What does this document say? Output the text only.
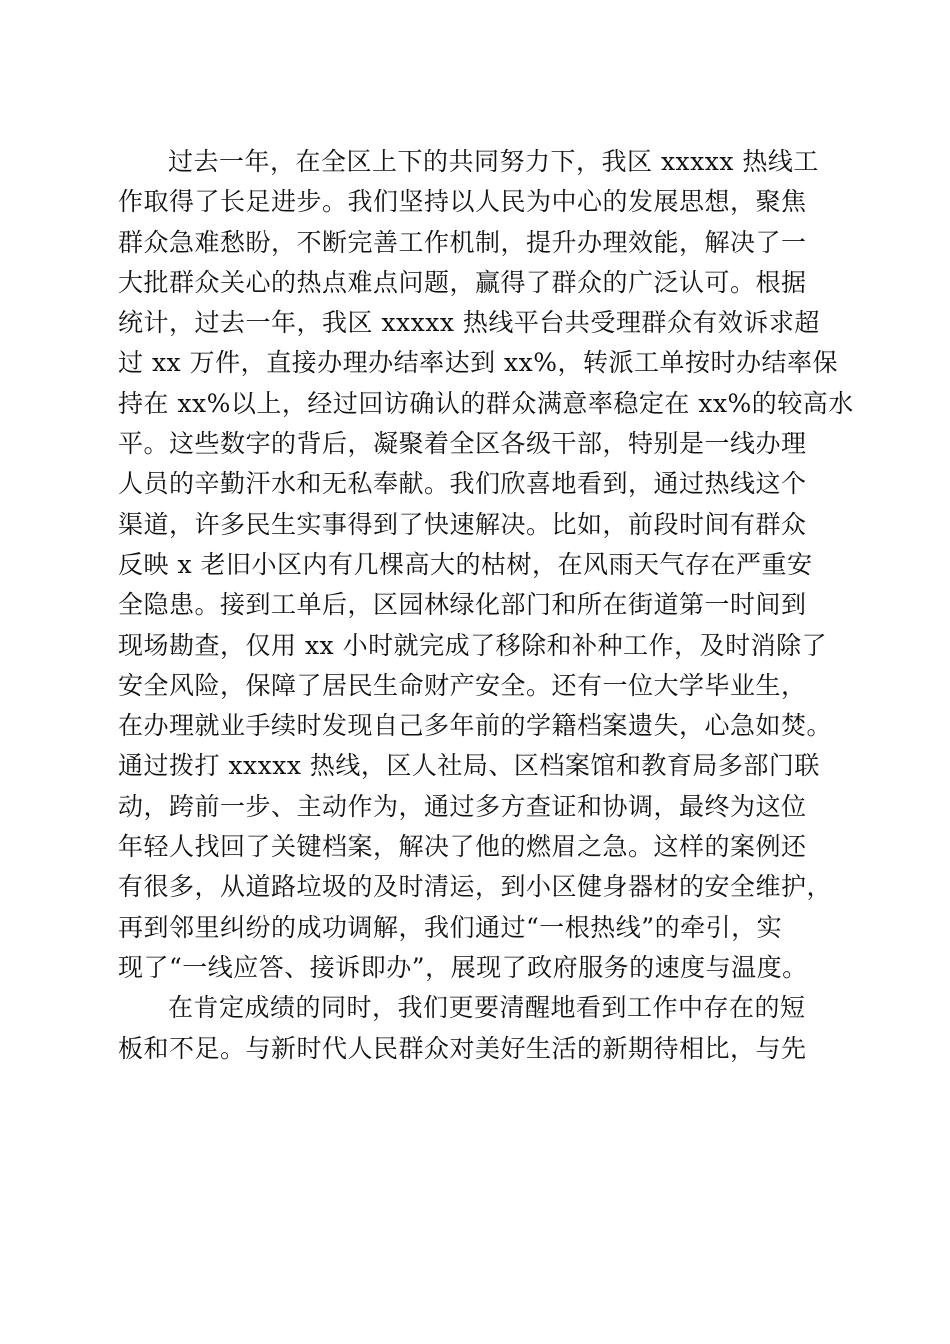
过去一年，在全区上下的共同努力下，我区 xxxxx 热线工
作取得了长足进步。我们坚持以人民为中心的发展思想，聚焦
群众急难愁盼，不断完善工作机制，提升办理效能，解决了一
大批群众关心的热点难点问题，赢得了群众的广泛认可。根据
统计，过去一年，我区 xxxxx 热线平台共受理群众有效诉求超
过 xx 万件，直接办理办结率达到 xx%，转派工单按时办结率保
持在 xx%以上，经过回访确认的群众满意率稳定在 xx%的较高水
平。这些数字的背后，凝聚着全区各级干部，特别是一线办理
人员的辛勤汗水和无私奉献。我们欣喜地看到，通过热线这个
渠道，许多民生实事得到了快速解决。比如，前段时间有群众
反映 x 老旧小区内有几棵高大的枯树，在风雨天气存在严重安
全隐患。接到工单后，区园林绿化部门和所在街道第一时间到
现场勘查，仅用 xx 小时就完成了移除和补种工作，及时消除了
安全风险，保障了居民生命财产安全。还有一位大学毕业生，
在办理就业手续时发现自己多年前的学籍档案遗失，心急如焚。
通过拨打 xxxxx 热线，区人社局、区档案馆和教育局多部门联
动，跨前一步、主动作为，通过多方查证和协调，最终为这位
年轻人找回了关键档案，解决了他的燃眉之急。这样的案例还
有很多，从道路垃圾的及时清运，到小区健身器材的安全维护，
再到邻里纠纷的成功调解，我们通过“一根热线”的牵引，实
现了“一线应答、接诉即办”，展现了政府服务的速度与温度。
在肯定成绩的同时，我们更要清醒地看到工作中存在的短
板和不足。与新时代人民群众对美好生活的新期待相比，与先
